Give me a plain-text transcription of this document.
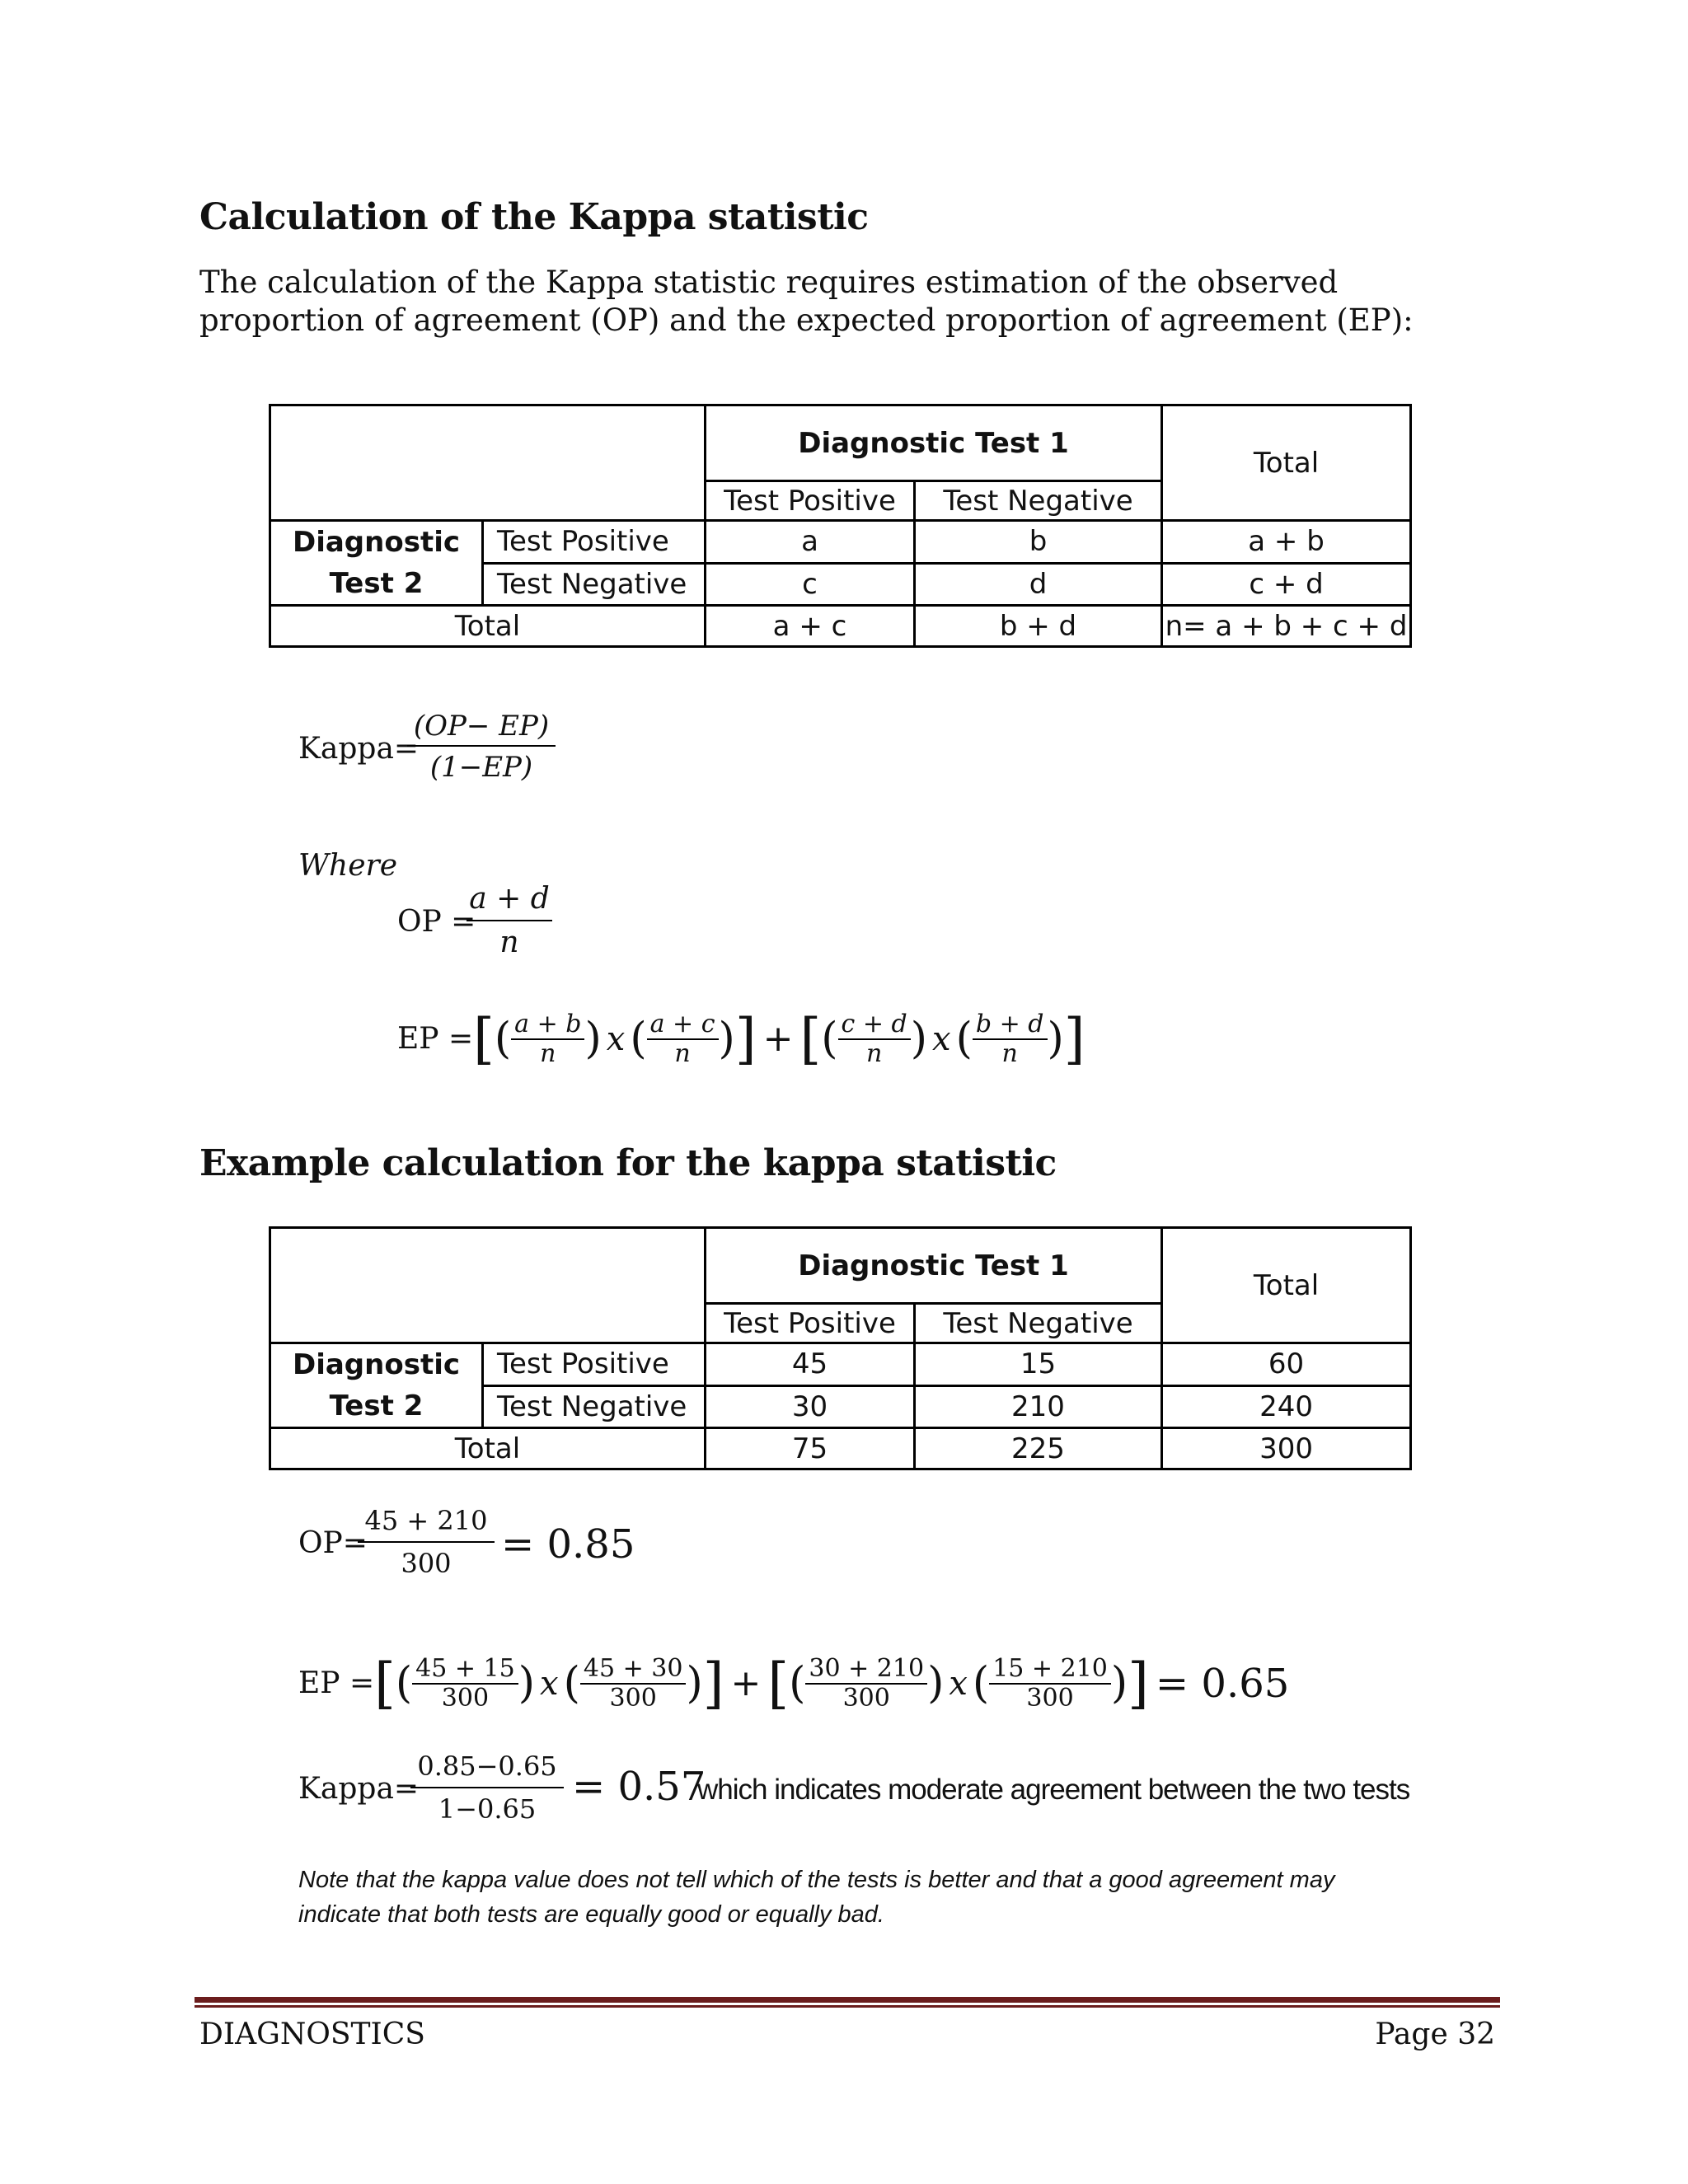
Calculation of the Kappa statistic
The calculation of the Kappa statistic requires estimation of the observed proportion of agreement (OP) and the expected proportion of agreement (EP):
		Diagnostic Test 1		Total
		Test Positive	Test Negative	
Diagnostic
Test 2	Test Positive	a	b	a + b
	Test Negative	c	d	c + d
Total		a + c	b + d	n= a + b + c + d
Kappa=
(OP− EP)
(1−EP)
Where
OP =
a + d
n
EP =[( $\frac{a + b}{n}$ ) x ( $\frac{a + c}{n}$ )] + [( $\frac{c + d}{n}$ ) x ( $\frac{b + d}{n}$ )]
Example calculation for the kappa statistic
		Diagnostic Test 1		Total
		Test Positive	Test Negative	
Diagnostic
Test 2	Test Positive	45	15	60
	Test Negative	30	210	240
Total		75	225	300
OP=
45 + 210
300	= 0.85
EP =[( $\frac{45 + 15}{300}$ ) x ( $\frac{45 + 30}{300}$ )] + [( $\frac{30 + 210}{300}$ ) x ( $\frac{15 + 210}{300}$ )] = 0.65
Kappa=
0.85−0.65
1−0.65 = 0.57
which indicates moderate agreement between the two tests
Note that the kappa value does not tell which of the tests is better and that a good agreement may
indicate that both tests are equally good or equally bad.
DIAGNOSTICS	Page 32
